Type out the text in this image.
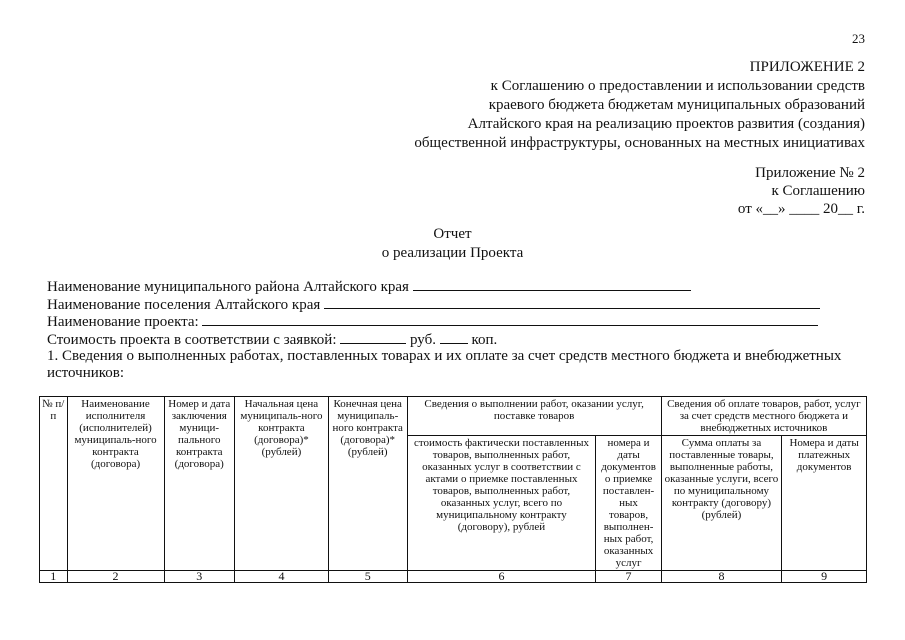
23
ПРИЛОЖЕНИЕ 2
к Соглашению о предоставлении и использовании средств
краевого бюджета бюджетам муниципальных образований
Алтайского края на реализацию проектов развития (создания)
общественной инфраструктуры, основанных на местных инициативах
Приложение № 2
к Соглашению
от «__» ____ 20__ г.
Отчет
о реализации Проекта
Наименование муниципального района Алтайского края
Наименование поселения Алтайского края
Наименование проекта:
Стоимость проекта в соответствии с заявкой:	руб. коп.
1. Сведения о выполненных работах, поставленных товарах и их оплате за счет средств местного бюджета и внебюджетных источников:
№ п/п	Наименование исполнителя (исполнителей) муниципаль-ного контракта (договора)	Номер и дата заключения муници-пального контракта (договора)	Начальная цена муниципаль-ного контракта (договора)* (рублей)	Конечная цена муниципаль-ного контракта (договора)* (рублей)	Сведения о выполнении работ, оказании услуг, поставке товаров		Сведения об оплате товаров, работ, услуг за счет средств местного бюджета и внебюджетных источников	
					стоимость фактически поставленных товаров, выполненных работ, оказанных услуг в соответствии с актами о приемке поставленных товаров, выполненных работ, оказанных услуг, всего по муниципальному контракту (договору), рублей	номера и даты документов о приемке поставлен-ных товаров, выполнен-ных работ, оказанных услуг	Сумма оплаты за поставленные товары, выполненные работы, оказанные услуги, всего по муниципальному контракту (договору) (рублей)	Номера и даты платежных документов
1	2	3	4	5	6	7	8	9
